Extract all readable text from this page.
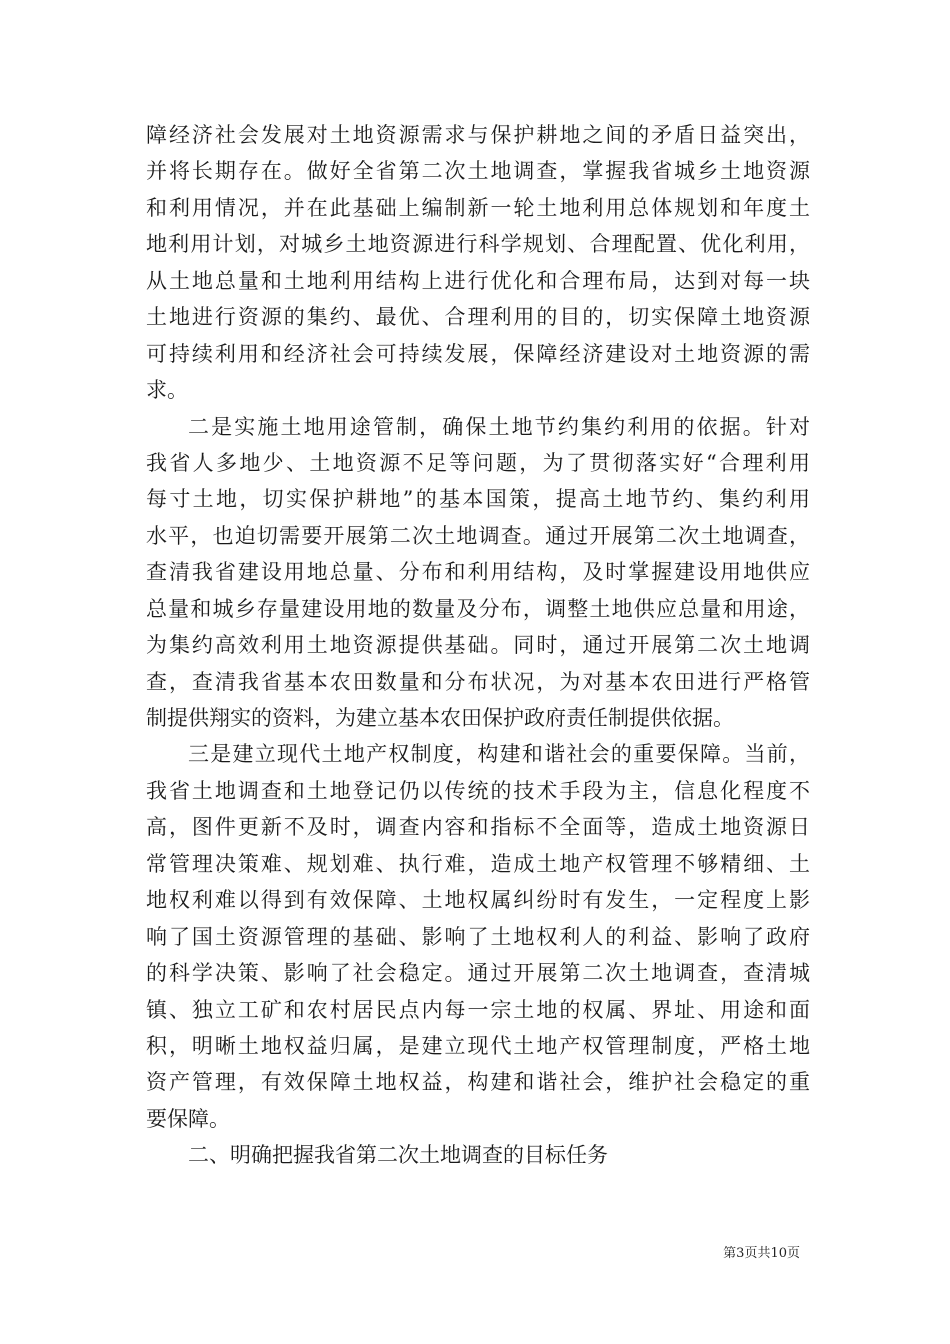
障经济社会发展对土地资源需求与保护耕地之间的矛盾日益突出，
并将长期存在。做好全省第二次土地调查，掌握我省城乡土地资源
和利用情况，并在此基础上编制新一轮土地利用总体规划和年度土
地利用计划，对城乡土地资源进行科学规划、合理配置、优化利用，
从土地总量和土地利用结构上进行优化和合理布局，达到对每一块
土地进行资源的集约、最优、合理利用的目的，切实保障土地资源
可持续利用和经济社会可持续发展，保障经济建设对土地资源的需
求。
二是实施土地用途管制，确保土地节约集约利用的依据。针对
我省人多地少、土地资源不足等问题，为了贯彻落实好“合理利用
每寸土地，切实保护耕地”的基本国策，提高土地节约、集约利用
水平，也迫切需要开展第二次土地调查。通过开展第二次土地调查，
查清我省建设用地总量、分布和利用结构，及时掌握建设用地供应
总量和城乡存量建设用地的数量及分布，调整土地供应总量和用途，
为集约高效利用土地资源提供基础。同时，通过开展第二次土地调
查，查清我省基本农田数量和分布状况，为对基本农田进行严格管
制提供翔实的资料，为建立基本农田保护政府责任制提供依据。
三是建立现代土地产权制度，构建和谐社会的重要保障。当前，
我省土地调查和土地登记仍以传统的技术手段为主，信息化程度不
高，图件更新不及时，调查内容和指标不全面等，造成土地资源日
常管理决策难、规划难、执行难，造成土地产权管理不够精细、土
地权利难以得到有效保障、土地权属纠纷时有发生，一定程度上影
响了国土资源管理的基础、影响了土地权利人的利益、影响了政府
的科学决策、影响了社会稳定。通过开展第二次土地调查，查清城
镇、独立工矿和农村居民点内每一宗土地的权属、界址、用途和面
积，明晰土地权益归属，是建立现代土地产权管理制度，严格土地
资产管理，有效保障土地权益，构建和谐社会，维护社会稳定的重
要保障。
二、明确把握我省第二次土地调查的目标任务
第3页共10页
